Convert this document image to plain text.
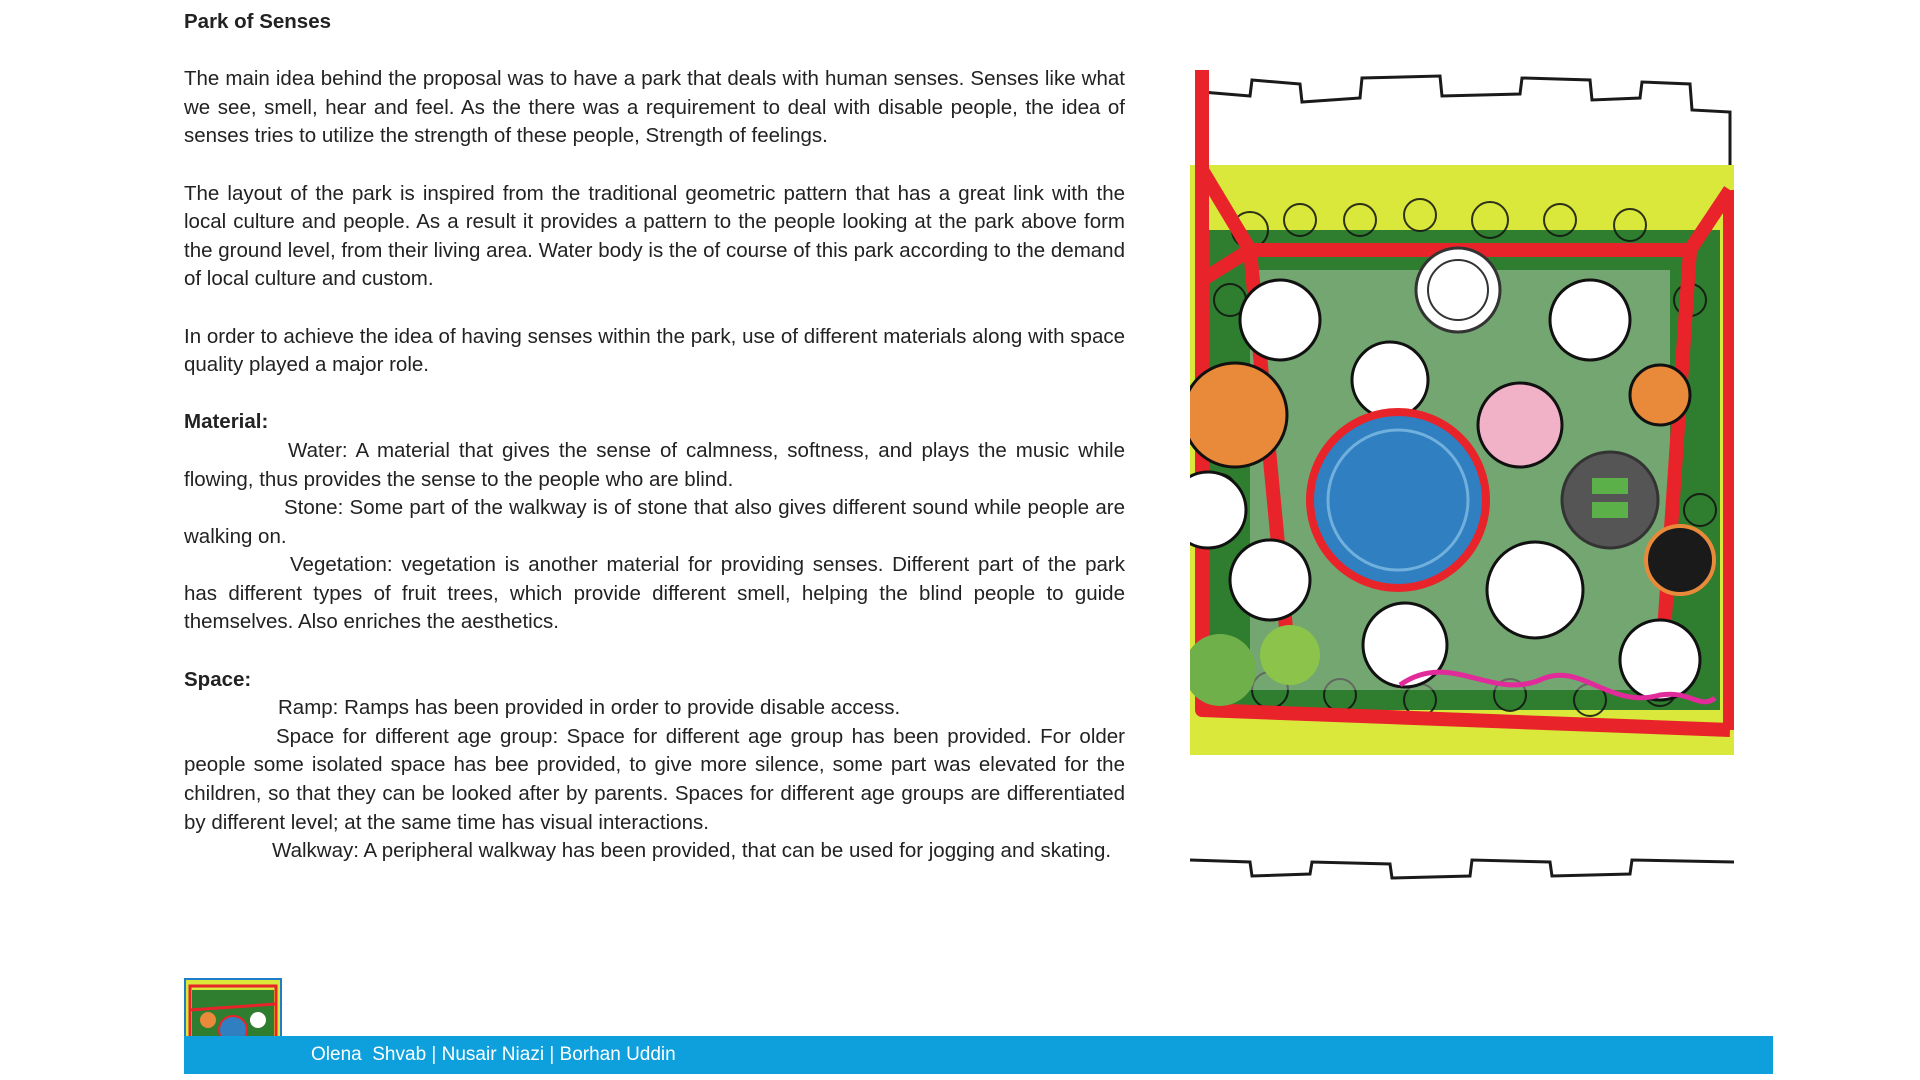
Park of Senses

The main idea behind the proposal was to have a park that deals with human senses. Senses like what we see, smell, hear and feel. As the there was a requirement to deal with disable people, the idea of senses tries to utilize the strength of these people, Strength of feelings.

The layout of the park is inspired from the traditional geometric pattern that has a great link with the local culture and people. As a result it provides a pattern to the people looking at the park above form the ground level, from their living area. Water body is the of course of this park according to the demand of local culture and custom.

In order to achieve the idea of having senses within the park, use of different materials along with space quality played a major role.

Material:

Water: A material that gives the sense of calmness, softness, and plays the music while flowing, thus provides the sense to the people who are blind.

Stone: Some part of the walkway is of stone that also gives different sound while people are walking on.

Vegetation: vegetation is another material for providing senses. Different part of the park has different types of fruit trees, which provide different smell, helping the blind people to guide themselves. Also enriches the aesthetics.

Space:

Ramp: Ramps has been provided in order to provide disable access.

Space for different age group: Space for different age group has been provided. For older people some isolated space has bee provided, to give more silence, some part was elevated for the children, so that they can be looked after by parents. Spaces for different age groups are differentiated by different level; at the same time has visual interactions.

Walkway: A peripheral walkway has been provided, that can be used for jogging and skating.

Olena  Shvab | Nusair Niazi | Borhan Uddin
